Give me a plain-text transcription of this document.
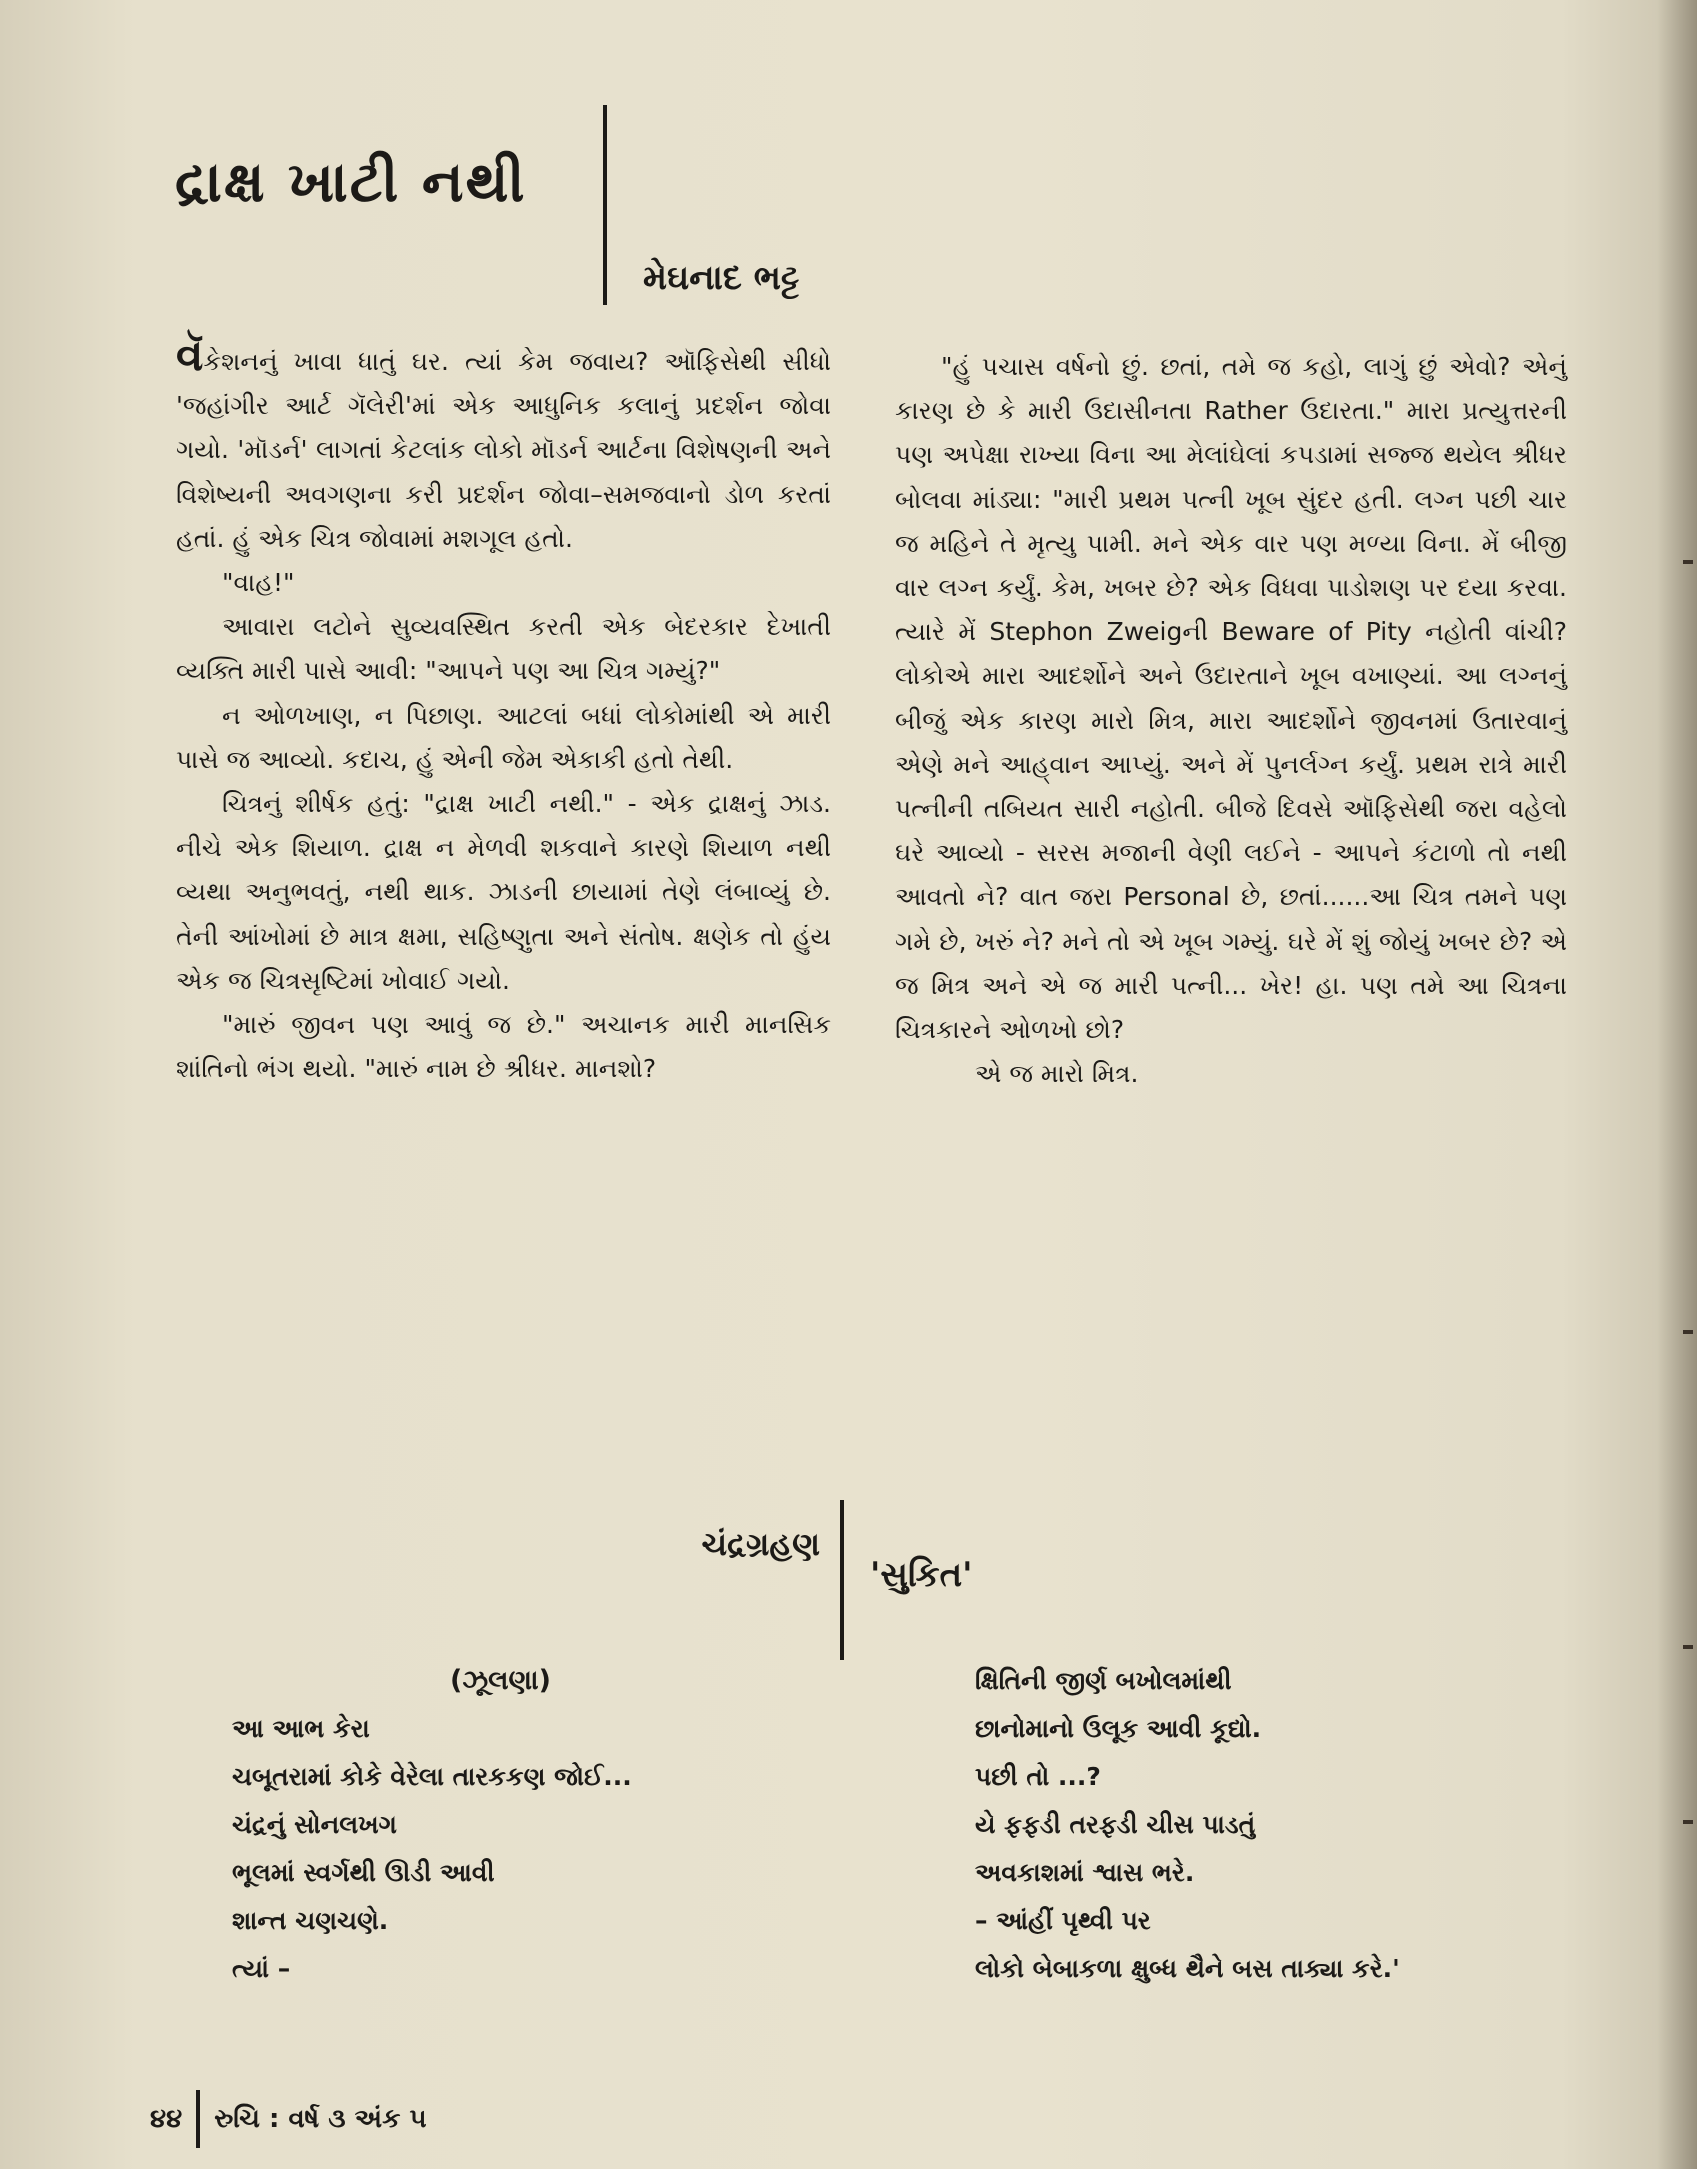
દ્રાક્ષ ખાટી નથી
મેઘનાદ ભટ્ટ

વૅકેશનનું ખાવા ધાતું ઘર. ત્યાં કેમ જવાય? ઑફિસેથી સીધો 'જહાંગીર આર્ટ ગૅલેરી'માં એક આધુનિક કલાનું પ્રદર્શન જોવા ગયો. 'મૉડર્ન' લાગતાં કેટલાંક લોકો મૉડર્ન આર્ટના વિશેષણની અને વિશેષ્યની અવગણના કરી પ્રદર્શન જોવા–સમજવાનો ડોળ કરતાં હતાં. હું એક ચિત્ર જોવામાં મશગૂલ હતો.

"વાહ!"

આવારા લટોને સુવ્યવસ્થિત કરતી એક બેદરકાર દેખાતી વ્યક્તિ મારી પાસે આવી: "આપને પણ આ ચિત્ર ગમ્યું?"

ન ઓળખાણ, ન પિછાણ. આટલાં બધાં લોકોમાંથી એ મારી પાસે જ આવ્યો. કદાચ, હું એની જેમ એકાકી હતો તેથી.

ચિત્રનું શીર્ષક હતું: "દ્રાક્ષ ખાટી નથી." - એક દ્રાક્ષનું ઝાડ. નીચે એક શિયાળ. દ્રાક્ષ ન મેળવી શકવાને કારણે શિયાળ નથી વ્યથા અનુભવતું, નથી થાક. ઝાડની છાયામાં તેણે લંબાવ્યું છે. તેની આંખોમાં છે માત્ર ક્ષમા, સહિષ્ણુતા અને સંતોષ. ક્ષણેક તો હુંય એક જ ચિત્રસૃષ્ટિમાં ખોવાઈ ગયો.

"મારું જીવન પણ આવું જ છે." અચાનક મારી માનસિક શાંતિનો ભંગ થયો. "મારું નામ છે શ્રીધર. માનશો?

"હું પચાસ વર્ષનો છું. છતાં, તમે જ કહો, લાગું છું એવો? એનું કારણ છે કે મારી ઉદાસીનતા Rather ઉદારતા." મારા પ્રત્યુત્તરની પણ અપેક્ષા રાખ્યા વિના આ મેલાંઘેલાં કપડામાં સજ્જ થયેલ શ્રીધર બોલવા માંડ્યા: "મારી પ્રથમ પત્ની ખૂબ સુંદર હતી. લગ્ન પછી ચાર જ મહિને તે મૃત્યુ પામી. મને એક વાર પણ મળ્યા વિના. મેં બીજી વાર લગ્ન કર્યું. કેમ, ખબર છે? એક વિધવા પાડોશણ પર દયા કરવા. ત્યારે મેં Stephon Zweigની Beware of Pity નહોતી વાંચી? લોકોએ મારા આદર્શોને અને ઉદારતાને ખૂબ વખાણ્યાં. આ લગ્નનું બીજું એક કારણ મારો મિત્ર, મારા આદર્શોને જીવનમાં ઉતારવાનું એણે મને આહ્‌વાન આપ્યું. અને મેં પુનર્લગ્ન કર્યું. પ્રથમ રાત્રે મારી પત્નીની તબિયત સારી નહોતી. બીજે દિવસે ઑફિસેથી જરા વહેલો ઘરે આવ્યો - સરસ મજાની વેણી લઈને - આપને કંટાળો તો નથી આવતો ને? વાત જરા Personal છે, છતાં......આ ચિત્ર તમને પણ ગમે છે, ખરું ને? મને તો એ ખૂબ ગમ્યું. ઘરે મેં શું જોયું ખબર છે? એ જ મિત્ર અને એ જ મારી પત્ની... ખેર! હા. પણ તમે આ ચિત્રના ચિત્રકારને ઓળખો છો?

એ જ મારો મિત્ર.

ચંદ્રગ્રહણ
'સુકિત'
(ઝૂલણા)
આ આભ કેરા
ચબૂતરામાં કોકે વેરેલા તારકકણ જોઈ...
ચંદ્રનું સોનલખગ
ભૂલમાં સ્વર્ગથી ઊડી આવી
શાન્ત ચણચણે.
ત્યાં –
ક્ષિતિની જીર્ણ બખોલમાંથી
છાનોમાનો ઉલૂક આવી કૂદ્યો.
પછી તો ...?
યે ફફડી તરફડી ચીસ પાડતું
અવકાશમાં શ્વાસ ભરે.
– આંહીં પૃથ્વી પર
લોકો બેબાકળા ક્ષુબ્ધ થૈને બસ તાક્યા કરે.'
૪૪ રુચિ : વર્ષ ૩ અંક ૫
